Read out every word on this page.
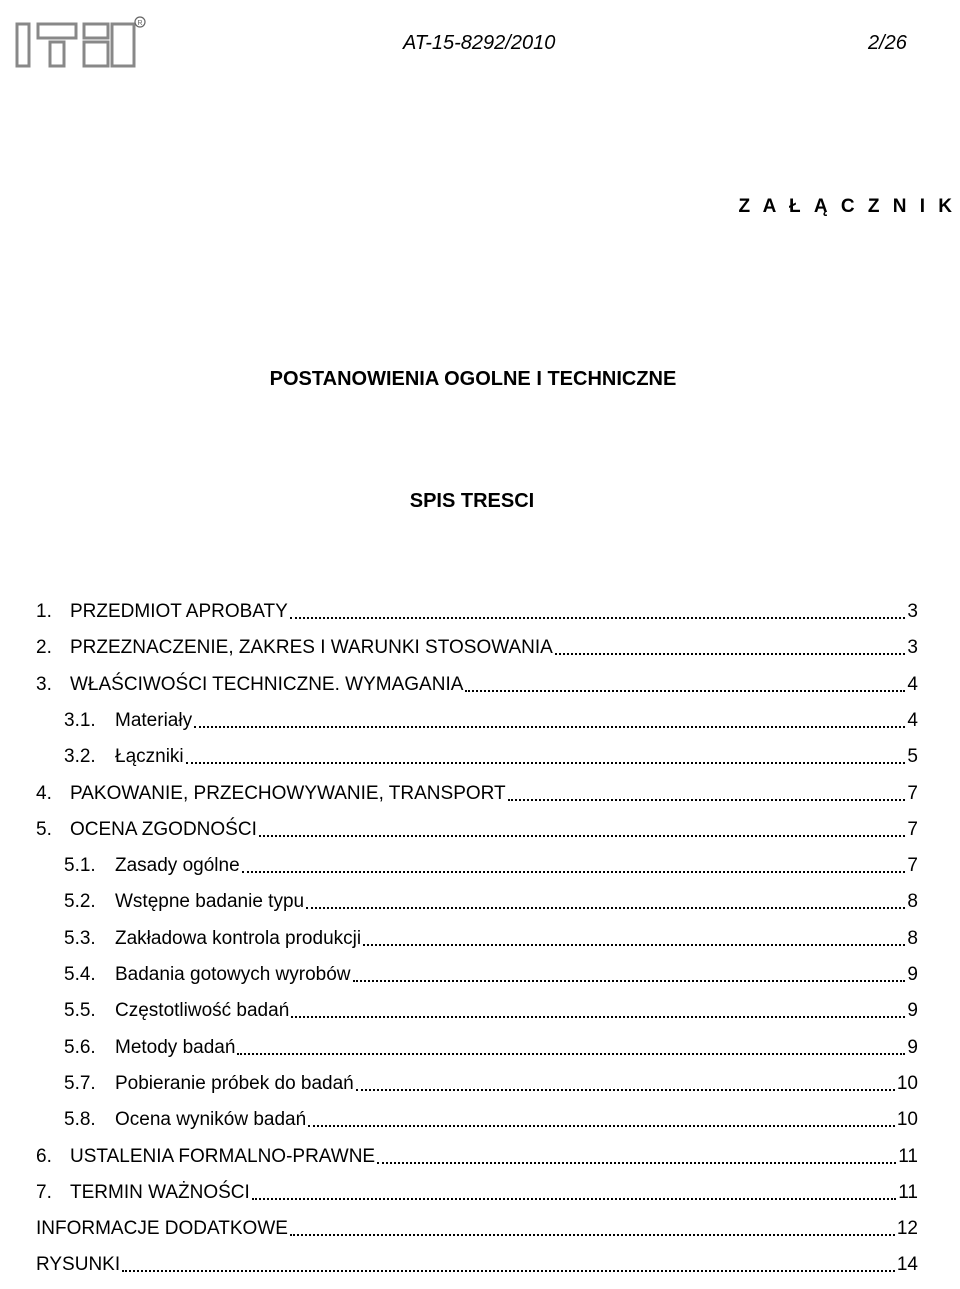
R
AT-15-8292/2010	2/26
Z A Ł Ą C Z N I K
POSTANOWIENIA OGOLNE I TECHNICZNE
SPIS TRESCI
1. PRZEDMIOT APROBATY	3
2. PRZEZNACZENIE, ZAKRES I WARUNKI STOSOWANIA	3
3. WŁAŚCIWOŚCI TECHNICZNE. WYMAGANIA	4
3.1.	Materiały	4
3.2.	Łączniki	5
4. PAKOWANIE, PRZECHOWYWANIE, TRANSPORT	7
5. OCENA ZGODNOŚCI	7
5.1.	Zasady ogólne	7
5.2.	Wstępne badanie typu	8
5.3.	Zakładowa kontrola produkcji	8
5.4.	Badania gotowych wyrobów	9
5.5.	Częstotliwość badań	9
5.6.	Metody badań	9
5.7.	Pobieranie próbek do badań	10
5.8.	Ocena wyników badań	10
6. USTALENIA FORMALNO-PRAWNE	11
7. TERMIN WAŻNOŚCI	11
INFORMACJE DODATKOWE	12
RYSUNKI	14
